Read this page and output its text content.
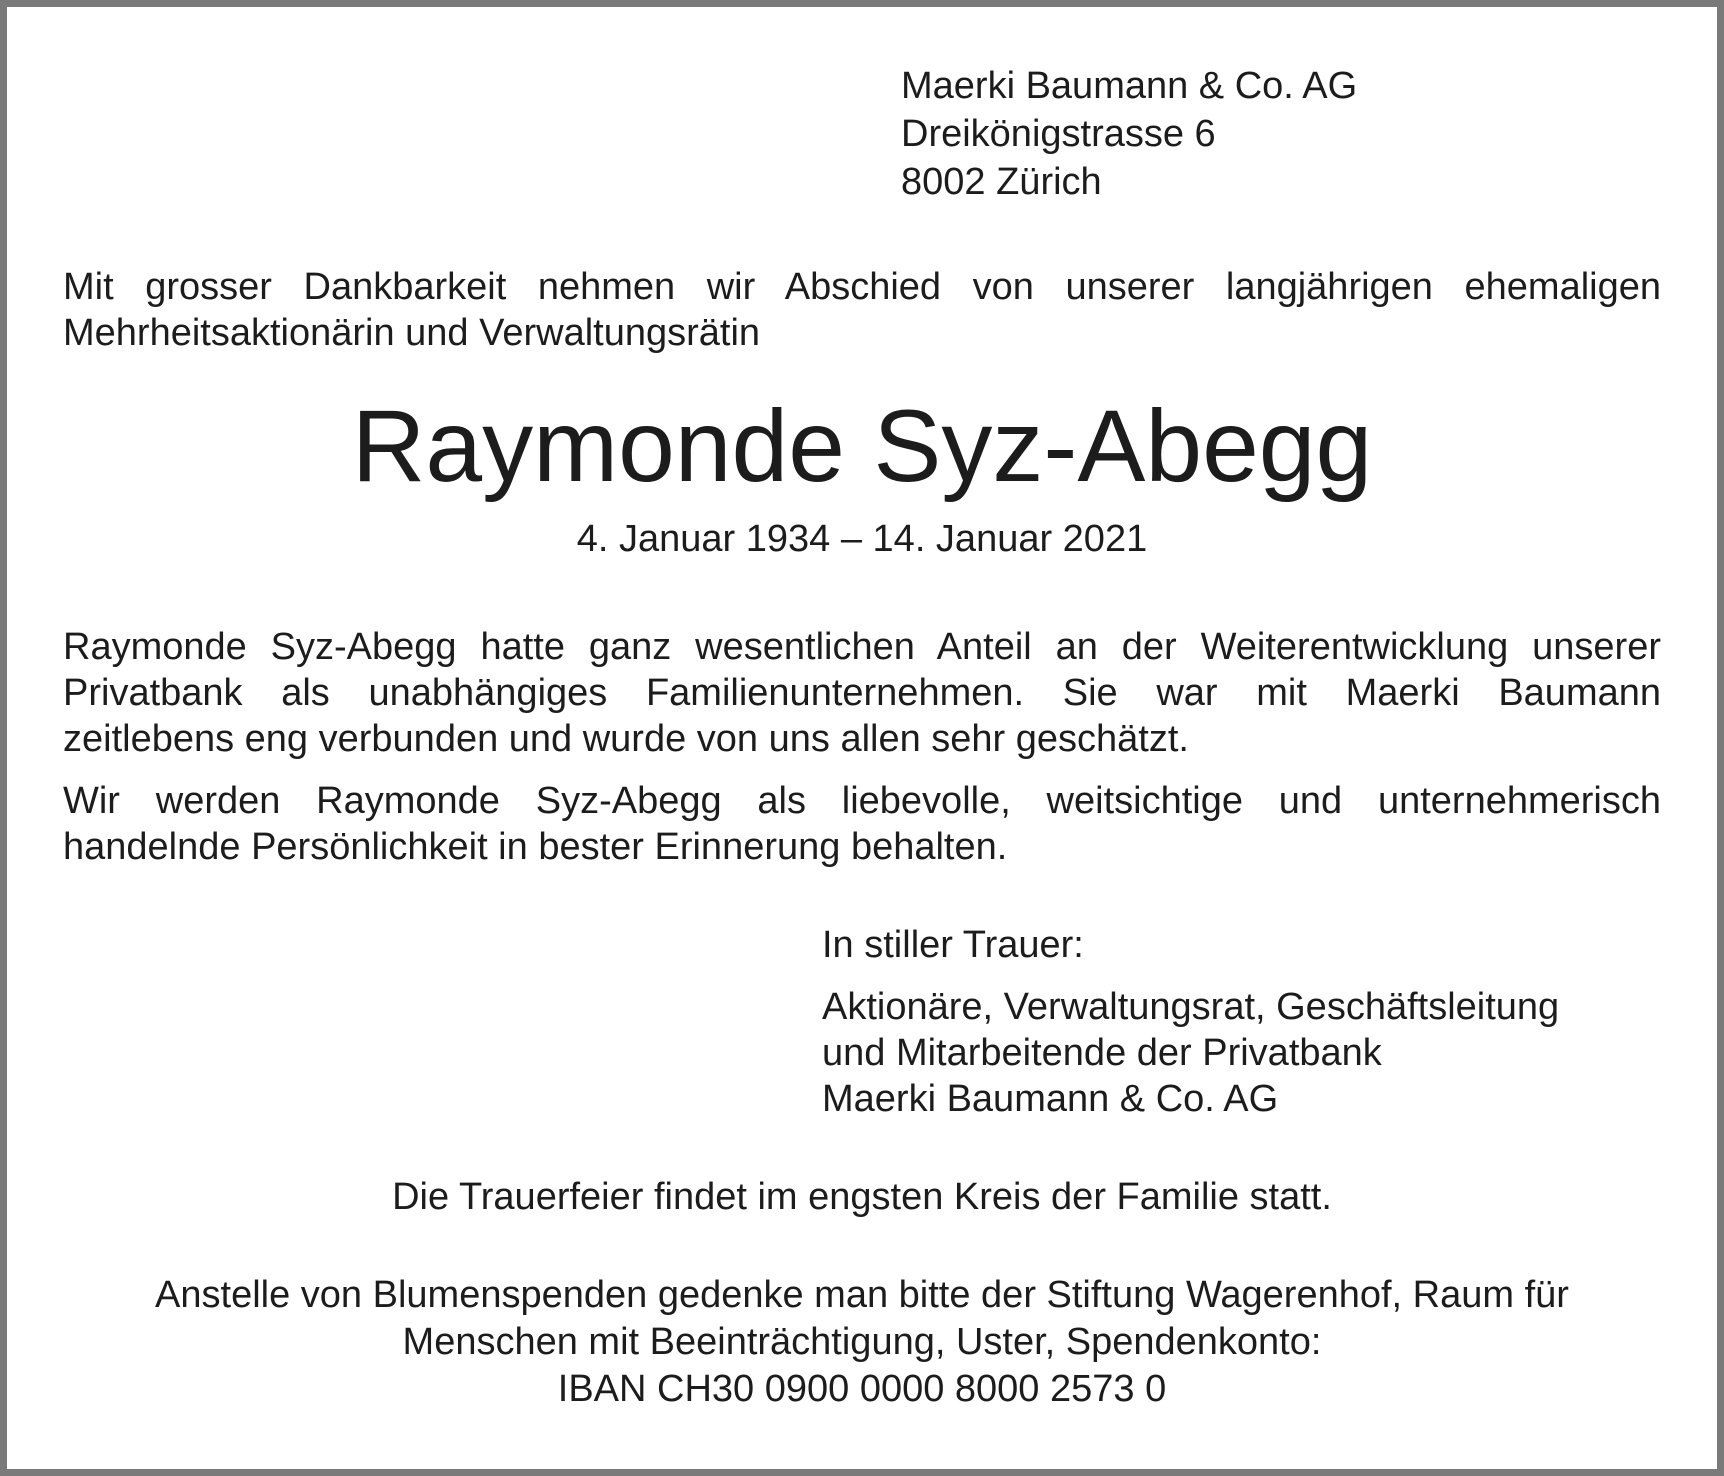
Maerki Baumann & Co. AG
Dreikönigstrasse 6
8002 Zürich
Mit grosser Dankbarkeit nehmen wir Abschied von unserer langjährigen ehemaligen
Mehrheitsaktionärin und Verwaltungsrätin
Raymonde Syz-Abegg
4. Januar 1934 – 14. Januar 2021
Raymonde Syz-Abegg hatte ganz wesentlichen Anteil an der Weiterentwicklung unserer
Privatbank als unabhängiges Familienunternehmen. Sie war mit Maerki Baumann
zeitlebens eng verbunden und wurde von uns allen sehr geschätzt.
Wir werden Raymonde Syz-Abegg als liebevolle, weitsichtige und unternehmerisch
handelnde Persönlichkeit in bester Erinnerung behalten.
In stiller Trauer:
Aktionäre, Verwaltungsrat, Geschäftsleitung
und Mitarbeitende der Privatbank
Maerki Baumann & Co. AG
Die Trauerfeier findet im engsten Kreis der Familie statt.
Anstelle von Blumenspenden gedenke man bitte der Stiftung Wagerenhof, Raum für
Menschen mit Beeinträchtigung, Uster, Spendenkonto:
IBAN CH30 0900 0000 8000 2573 0
